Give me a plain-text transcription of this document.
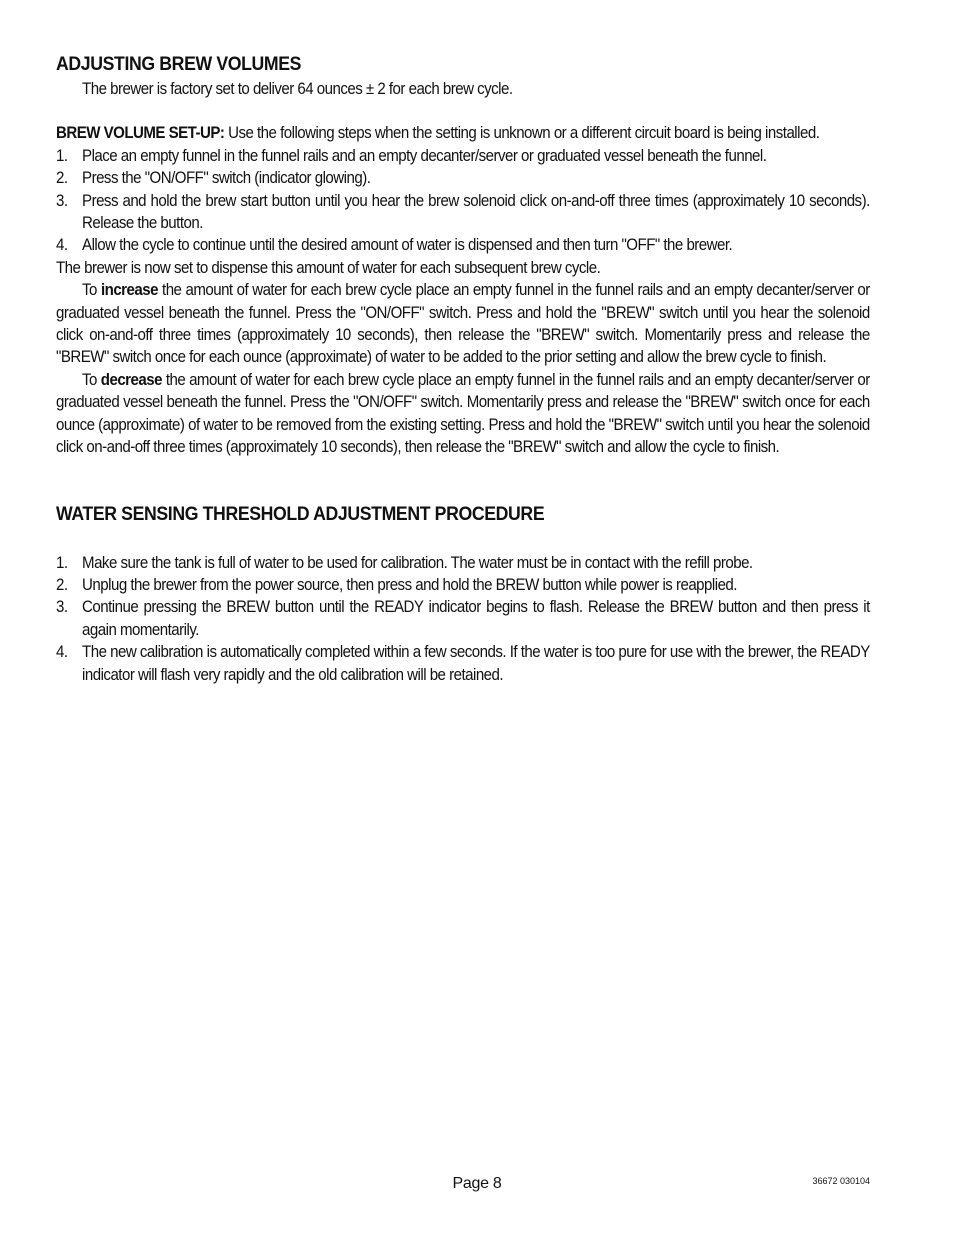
ADJUSTING BREW VOLUMES

The brewer is factory set to deliver 64 ounces ± 2 for each brew cycle.

BREW VOLUME SET-UP: Use the following steps when the setting is unknown or a different circuit board is being installed.

1. Place an empty funnel in the funnel rails and an empty decanter/server or graduated vessel beneath the funnel.
2. Press the "ON/OFF" switch (indicator glowing).
3. Press and hold the brew start button until you hear the brew solenoid click on-and-off three times (approximately 10 seconds). Release the button.
4. Allow the cycle to continue until the desired amount of water is dispensed and then turn "OFF" the brewer.

The brewer is now set to dispense this amount of water for each subsequent brew cycle.

To increase the amount of water for each brew cycle place an empty funnel in the funnel rails and an empty decanter/server or graduated vessel beneath the funnel. Press the "ON/OFF" switch. Press and hold the "BREW" switch until you hear the solenoid click on-and-off three times (approximately 10 seconds), then release the "BREW" switch. Momentarily press and release the "BREW" switch once for each ounce (approximate) of water to be added to the prior setting and allow the brew cycle to finish.

To decrease the amount of water for each brew cycle place an empty funnel in the funnel rails and an empty decanter/server or graduated vessel beneath the funnel. Press the "ON/OFF" switch. Momentarily press and release the "BREW" switch once for each ounce (approximate) of water to be removed from the existing setting. Press and hold the "BREW" switch until you hear the solenoid click on-and-off three times (approximately 10 seconds), then release the "BREW" switch and allow the cycle to finish.

WATER SENSING THRESHOLD ADJUSTMENT PROCEDURE
1. Make sure the tank is full of water to be used for calibration. The water must be in contact with the refill probe.
2. Unplug the brewer from the power source, then press and hold the BREW button while power is reapplied.
3. Continue pressing the BREW button until the READY indicator begins to flash. Release the BREW button and then press it again momentarily.
4. The new calibration is automatically completed within a few seconds. If the water is too pure for use with the brewer, the READY indicator will flash very rapidly and the old calibration will be retained.
Page 8	36672 030104
